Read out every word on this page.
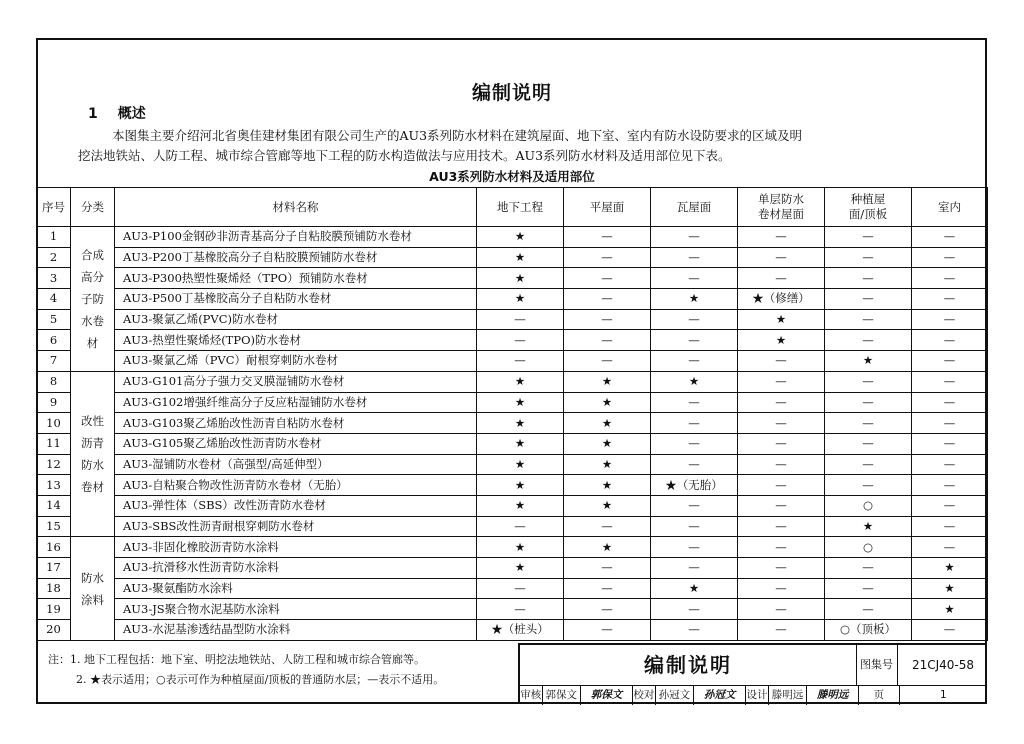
编制说明
1 概述
本图集主要介绍河北省奥佳建材集团有限公司生产的AU3系列防水材料在建筑屋面、地下室、室内有防水设防要求的区域及明
挖法地铁站、人防工程、城市综合管廊等地下工程的防水构造做法与应用技术。AU3系列防水材料及适用部位见下表。
AU3系列防水材料及适用部位
序号	分类	材料名称	地下工程	平屋面	瓦屋面	单层防水
卷材屋面	种植屋
面/顶板	室内
1	合成
高分
子防
水卷
材	AU3-P100金钢砂非沥青基高分子自粘胶膜预铺防水卷材	★	—	—	—	—	—
2		AU3-P200丁基橡胶高分子自粘胶膜预铺防水卷材	★	—	—	—	—	—
3		AU3-P300热塑性聚烯烃（TPO）预铺防水卷材	★	—	—	—	—	—
4		AU3-P500丁基橡胶高分子自粘防水卷材	★	—	★	★（修缮）	—	—
5		AU3-聚氯乙烯(PVC)防水卷材	—	—	—	★	—	—
6		AU3-热塑性聚烯烃(TPO)防水卷材	—	—	—	★	—	—
7		AU3-聚氯乙烯（PVC）耐根穿刺防水卷材	—	—	—	—	★	—
8	改性
沥青
防水
卷材	AU3-G101高分子强力交叉膜湿铺防水卷材	★	★	★	—	—	—
9		AU3-G102增强纤维高分子反应粘湿铺防水卷材	★	★	—	—	—	—
10		AU3-G103聚乙烯胎改性沥青自粘防水卷材	★	★	—	—	—	—
11		AU3-G105聚乙烯胎改性沥青防水卷材	★	★	—	—	—	—
12		AU3-湿铺防水卷材（高强型/高延伸型）	★	★	—	—	—	—
13		AU3-自粘聚合物改性沥青防水卷材（无胎）	★	★	★（无胎）	—	—	—
14		AU3-弹性体（SBS）改性沥青防水卷材	★	★	—	—	○	—
15		AU3-SBS改性沥青耐根穿刺防水卷材	—	—	—	—	★	—
16	防水
涂料	AU3-非固化橡胶沥青防水涂料	★	★	—	—	○	—
17		AU3-抗滑移水性沥青防水涂料	★	—	—	—	—	★
18		AU3-聚氨酯防水涂料	—	—	★	—	—	★
19		AU3-JS聚合物水泥基防水涂料	—	—	—	—	—	★
20		AU3-水泥基渗透结晶型防水涂料	★（桩头）	—	—	—	○（顶板）	—
注：1. 地下工程包括：地下室、明挖法地铁站、人防工程和城市综合管廊等。
2. ★表示适用；○表示可作为种植屋面/顶板的普通防水层；—表示不适用。
编制说明	图集号	21CJ40-58
审核 郭保文	郭保文	校对 孙冠文	孙冠文	设计 滕明远	滕明远	页	1
